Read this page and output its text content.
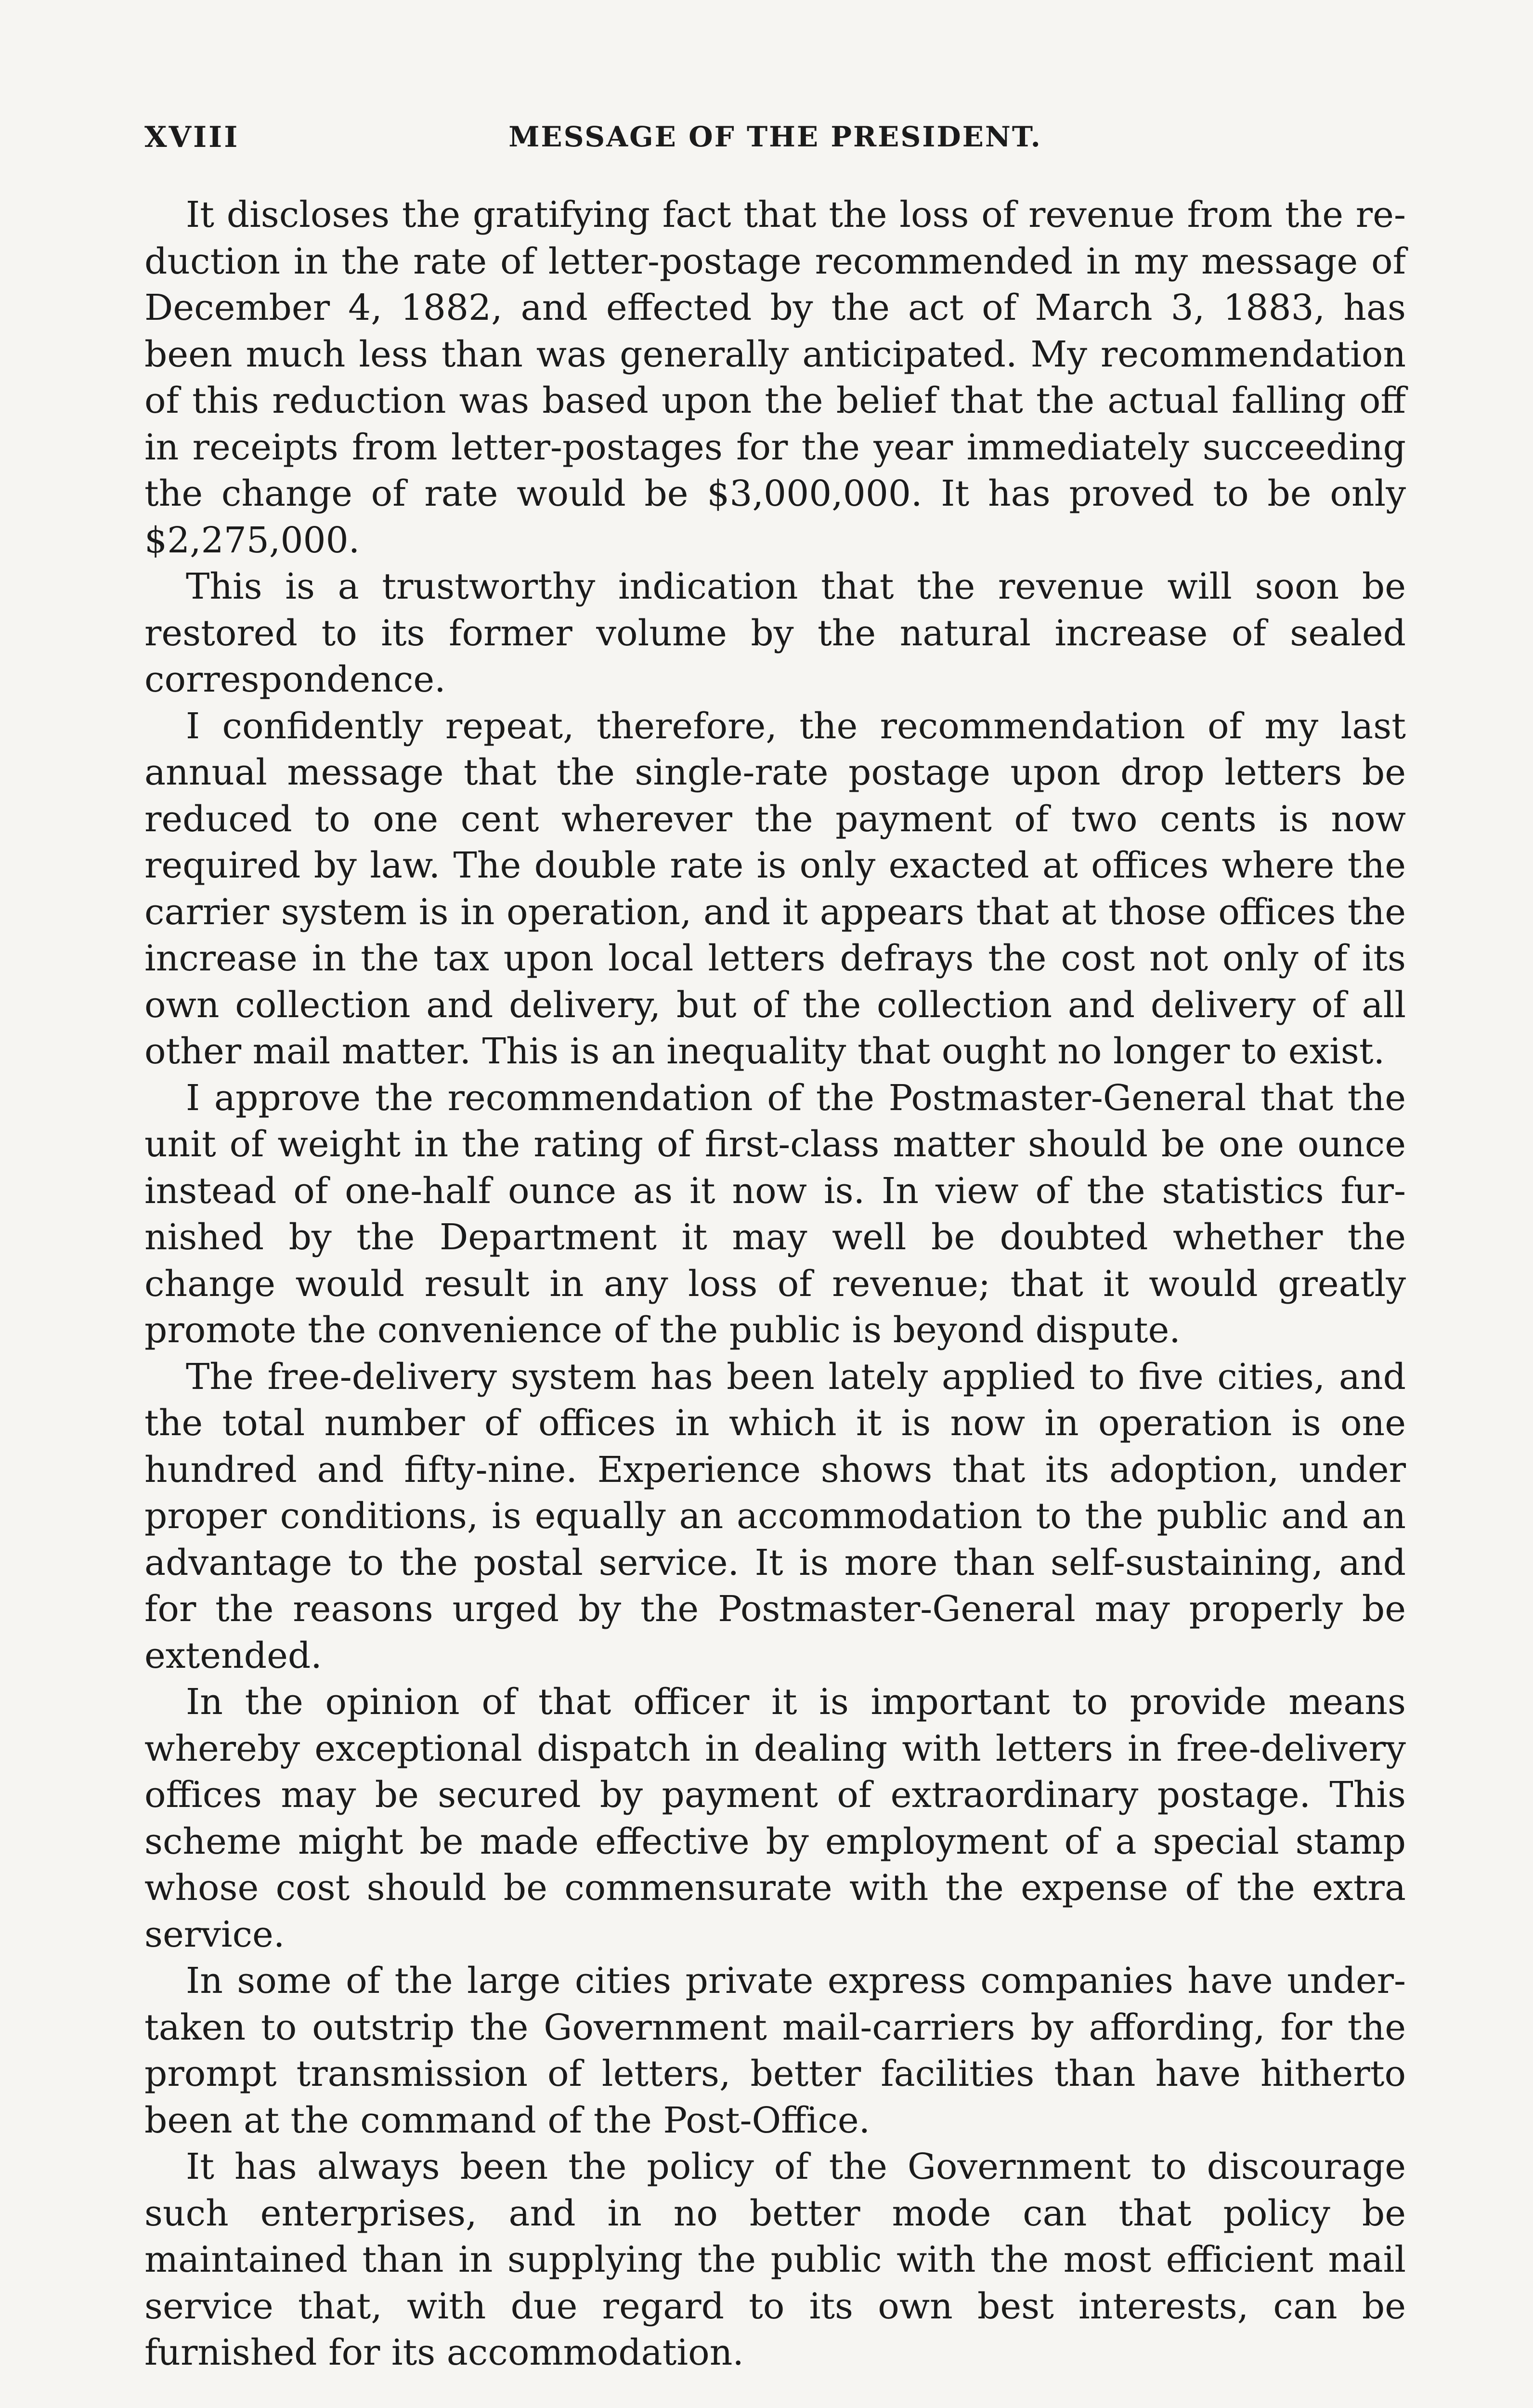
XVIII	MESSAGE OF THE PRESIDENT.

It discloses the gratifying fact that the loss of revenue from the reduction in the rate of letter-postage recommended in my message of December 4, 1882, and effected by the act of March 3, 1883, has been much less than was generally anticipated. My recommendation of this reduction was based upon the belief that the actual falling off in receipts from letter-postages for the year immediately succeeding the change of rate would be $3,000,000. It has proved to be only $2,275,000.

This is a trustworthy indication that the revenue will soon be restored to its former volume by the natural increase of sealed correspondence.

I confidently repeat, therefore, the recommendation of my last annual message that the single-rate postage upon drop letters be reduced to one cent wherever the payment of two cents is now required by law. The double rate is only exacted at offices where the carrier system is in operation, and it appears that at those offices the increase in the tax upon local letters defrays the cost not only of its own collection and delivery, but of the collection and delivery of all other mail matter. This is an inequality that ought no longer to exist.

I approve the recommendation of the Postmaster-General that the unit of weight in the rating of first-class matter should be one ounce instead of one-half ounce as it now is. In view of the statistics furnished by the Department it may well be doubted whether the change would result in any loss of revenue; that it would greatly promote the convenience of the public is beyond dispute.

The free-delivery system has been lately applied to five cities, and the total number of offices in which it is now in operation is one hundred and fifty-nine. Experience shows that its adoption, under proper conditions, is equally an accommodation to the public and an advantage to the postal service. It is more than self-sustaining, and for the reasons urged by the Postmaster-General may properly be extended.

In the opinion of that officer it is important to provide means whereby exceptional dispatch in dealing with letters in free-delivery offices may be secured by payment of extraordinary postage. This scheme might be made effective by employment of a special stamp whose cost should be commensurate with the expense of the extra service.

In some of the large cities private express companies have undertaken to outstrip the Government mail-carriers by affording, for the prompt transmission of letters, better facilities than have hitherto been at the command of the Post-Office.

It has always been the policy of the Government to discourage such enterprises, and in no better mode can that policy be maintained than in supplying the public with the most efficient mail service that, with due regard to its own best interests, can be furnished for its accommodation.
